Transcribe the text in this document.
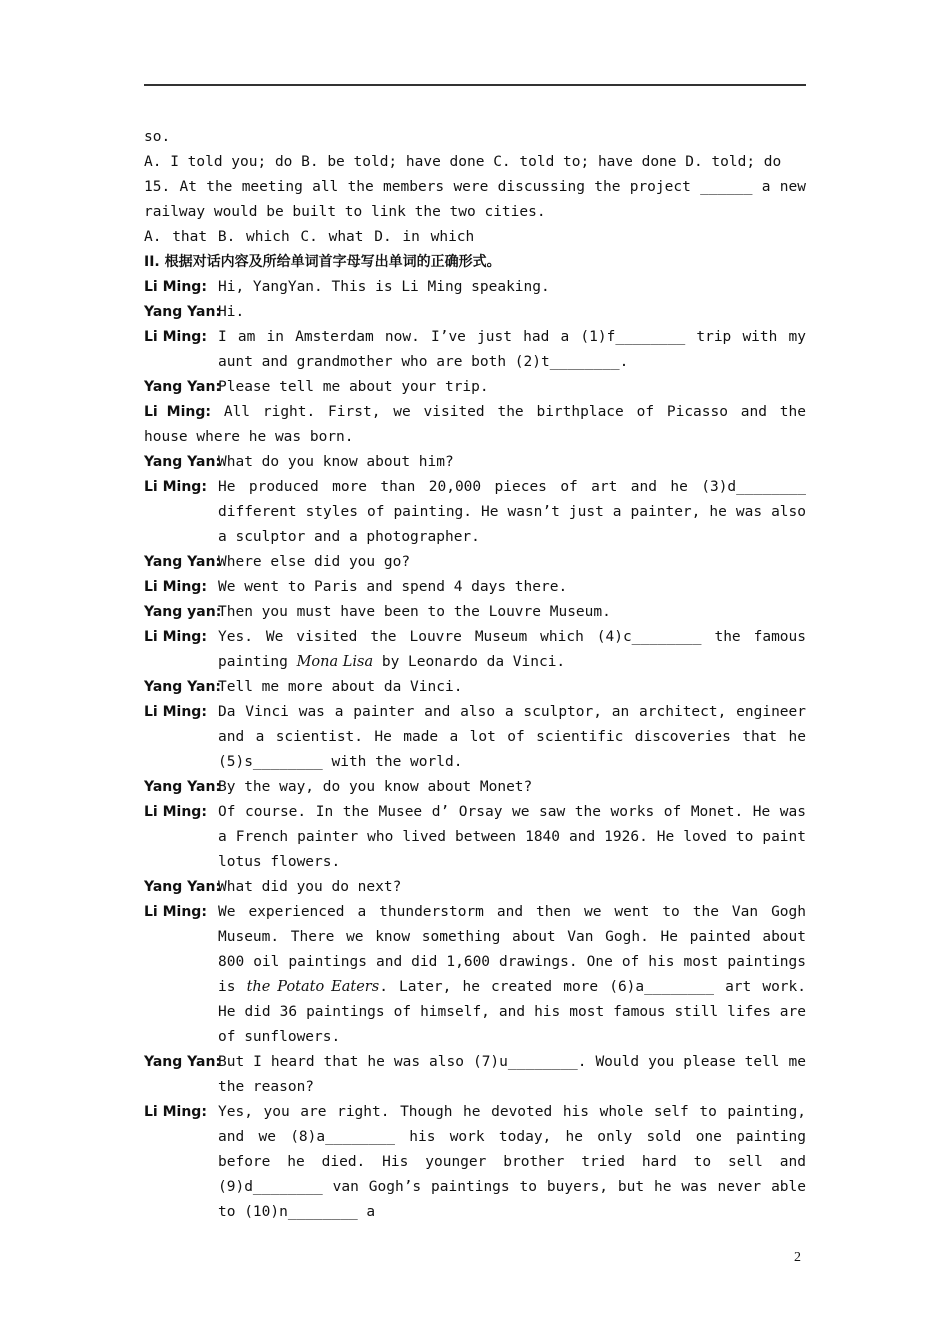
so.
A. I told you; do B. be told; have done C. told to; have done D. told; do
15. At the meeting all the members were discussing the project ______ a new railway would be built to link the two cities.
A. that B. which C. what D. in which
II. 根据对话内容及所给单词首字母写出单词的正确形式。
Li Ming: Hi, YangYan. This is Li Ming speaking.
Yang Yan:
Hi.
Li Ming: I am in Amsterdam now. I’ve just had a (1)f________ trip with my aunt and grandmother who are both (2)t________.
Yang Yan:
Please tell me about your trip.
Li Ming: All right. First, we visited the birthplace of Picasso and the house where he was born.
Yang Yan:
What do you know about him?
Li Ming: He produced more than 20,000 pieces of art and he (3)d________ different styles of painting. He wasn’t just a painter, he was also a sculptor and a photographer.
Yang Yan:
Where else did you go?
Li Ming: We went to Paris and spend 4 days there.
Yang yan:
Then you must have been to the Louvre Museum.
Li Ming: Yes. We visited the Louvre Museum which (4)c________ the famous painting Mona Lisa by Leonardo da Vinci.
Yang Yan:
Tell me more about da Vinci.
Li Ming: Da Vinci was a painter and also a sculptor, an architect, engineer and a scientist. He made a lot of scientific discoveries that he (5)s________ with the world.
Yang Yan:
By the way, do you know about Monet?
Li Ming: Of course. In the Musee d’ Orsay we saw the works of Monet. He was a French painter who lived between 1840 and 1926. He loved to paint lotus flowers.
Yang Yan:
What did you do next?
Li Ming: We experienced a thunderstorm and then we went to the Van Gogh Museum. There we know something about Van Gogh. He painted about 800 oil paintings and did 1,600 drawings. One of his most paintings is the Potato Eaters. Later, he created more (6)a________ art work. He did 36 paintings of himself, and his most famous still lifes are of sunflowers.
Yang Yan:
But I heard that he was also (7)u________. Would you please tell me the reason?
Li Ming: Yes, you are right. Though he devoted his whole self to painting, and we (8)a________ his work today, he only sold one painting before he died. His younger brother tried hard to sell and (9)d________ van Gogh’s paintings to buyers, but he was never able to (10)n________ a
2
